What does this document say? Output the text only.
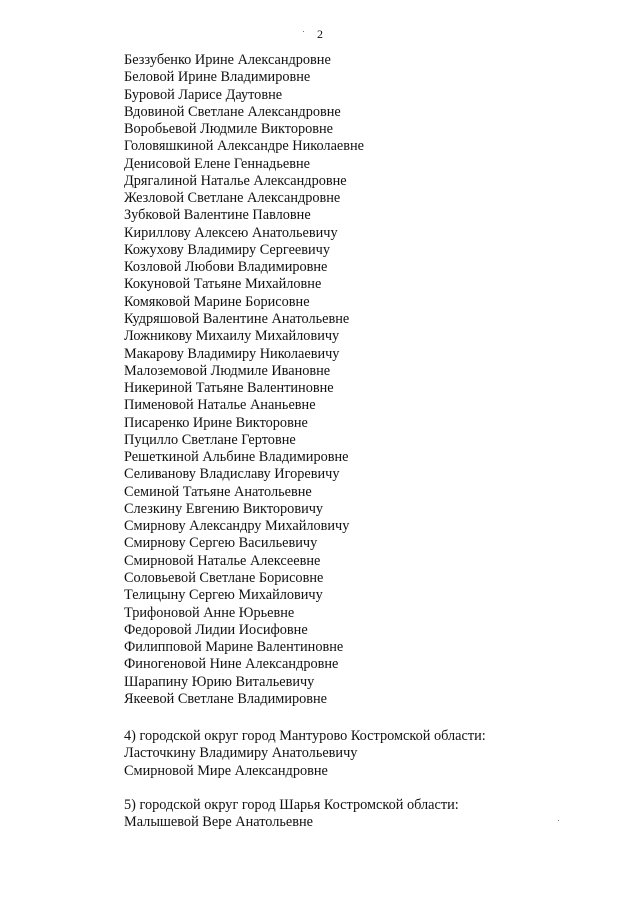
2
Беззубенко Ирине Александровне
Беловой Ирине Владимировне
Буровой Ларисе Даутовне
Вдовиной Светлане Александровне
Воробьевой Людмиле Викторовне
Головяшкиной Александре Николаевне
Денисовой Елене Геннадьевне
Дрягалиной Наталье Александровне
Жезловой Светлане Александровне
Зубковой Валентине Павловне
Кириллову Алексею Анатольевичу
Кожухову Владимиру Сергеевичу
Козловой Любови Владимировне
Кокуновой Татьяне Михайловне
Комяковой Марине Борисовне
Кудряшовой Валентине Анатольевне
Ложникову Михаилу Михайловичу
Макарову Владимиру Николаевичу
Малоземовой Людмиле Ивановне
Никериной Татьяне Валентиновне
Пименовой Наталье Ананьевне
Писаренко Ирине Викторовне
Пуцилло Светлане Гертовне
Решеткиной Альбине Владимировне
Селиванову Владиславу Игоревичу
Семиной Татьяне Анатольевне
Слезкину Евгению Викторовичу
Смирнову Александру Михайловичу
Смирнову Сергею Васильевичу
Смирновой Наталье Алексеевне
Соловьевой Светлане Борисовне
Телицыну Сергею Михайловичу
Трифоновой Анне Юрьевне
Федоровой Лидии Иосифовне
Филипповой Марине Валентиновне
Финогеновой Нине Александровне
Шарапину Юрию Витальевичу
Якеевой Светлане Владимировне
4) городской округ город Мантурово Костромской области:
Ласточкину Владимиру Анатольевичу
Смирновой Мире Александровне
5) городской округ город Шарья Костромской области:
Малышевой Вере Анатольевне
